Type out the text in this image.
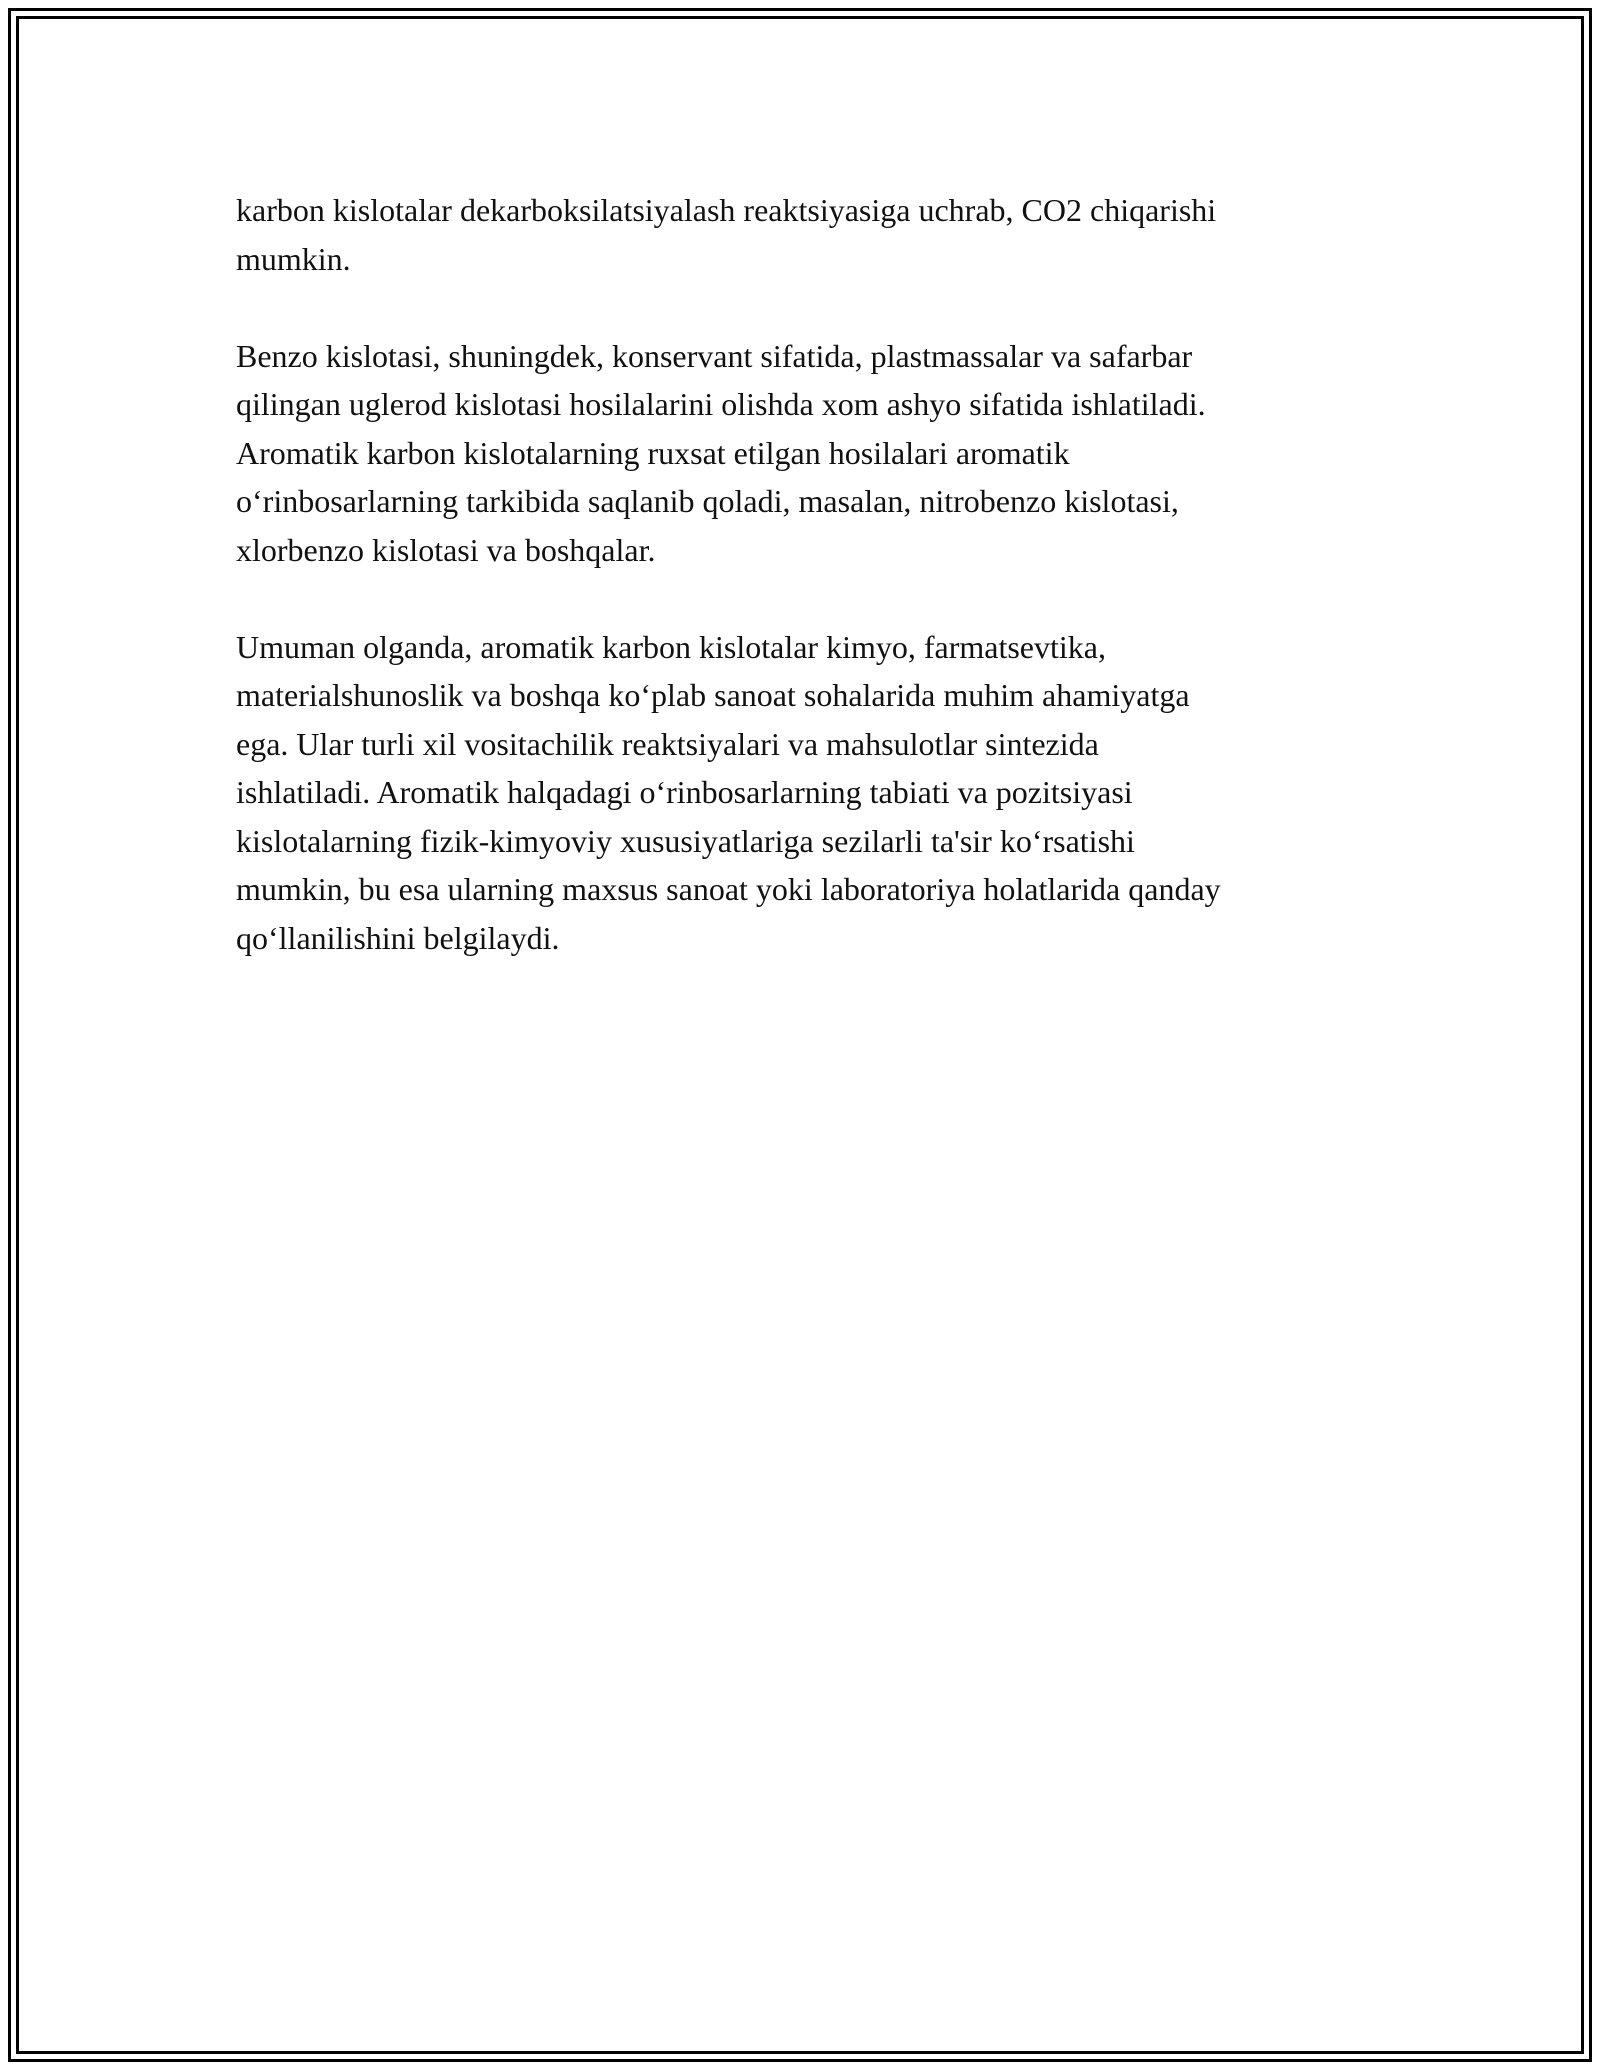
karbon kislotalar dekarboksilatsiyalash reaktsiyasiga uchrab, CO2 chiqarishi
mumkin.

Benzo kislotasi, shuningdek, konservant sifatida, plastmassalar va safarbar
qilingan uglerod kislotasi hosilalarini olishda xom ashyo sifatida ishlatiladi.
Aromatik karbon kislotalarning ruxsat etilgan hosilalari aromatik
o‘rinbosarlarning tarkibida saqlanib qoladi, masalan, nitrobenzo kislotasi,
xlorbenzo kislotasi va boshqalar.

Umuman olganda, aromatik karbon kislotalar kimyo, farmatsevtika,
materialshunoslik va boshqa ko‘plab sanoat sohalarida muhim ahamiyatga
ega. Ular turli xil vositachilik reaktsiyalari va mahsulotlar sintezida
ishlatiladi. Aromatik halqadagi o‘rinbosarlarning tabiati va pozitsiyasi
kislotalarning fizik-kimyoviy xususiyatlariga sezilarli ta'sir ko‘rsatishi
mumkin, bu esa ularning maxsus sanoat yoki laboratoriya holatlarida qanday
qo‘llanilishini belgilaydi.
